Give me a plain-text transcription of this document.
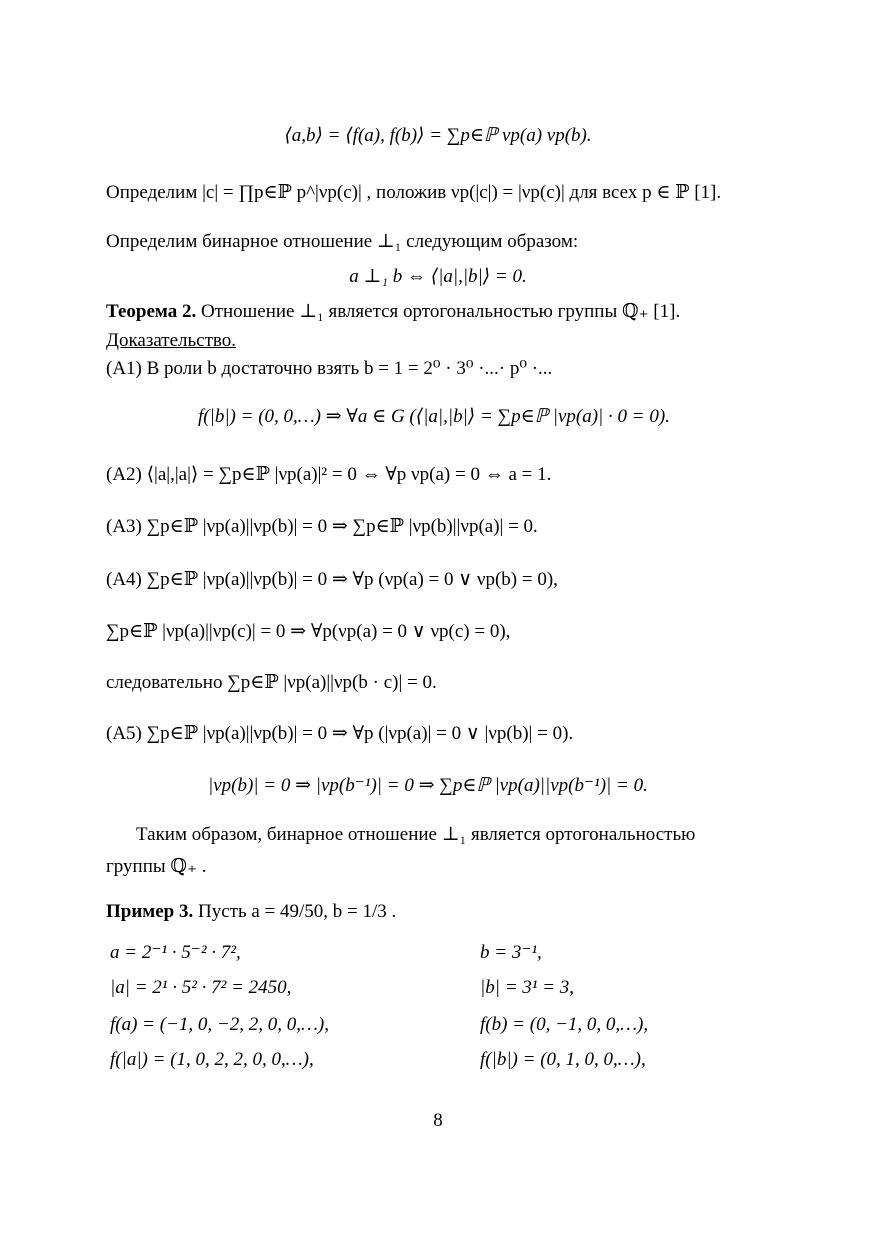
⟨a,b⟩ = ⟨f(a), f(b)⟩ = ∑p∈ℙ νp(a) νp(b).
Определим |c| = ∏p∈ℙ p^|νp(c)| , положив νp(|c|) = |νp(c)| для всех p ∈ ℙ [1].
Определим бинарное отношение ⊥₁ следующим образом:
a ⊥₁ b ⇔ ⟨|a|,|b|⟩ = 0.
Теорема 2. Отношение ⊥₁ является ортогональностью группы ℚ₊ [1].
Доказательство.
(A1) В роли b достаточно взять b = 1 = 2⁰ · 3⁰ ·...· p⁰ ·...
f(|b|) = (0, 0,…) ⇒ ∀a ∈ G (⟨|a|,|b|⟩ = ∑p∈ℙ |νp(a)| · 0 = 0).
(A2) ⟨|a|,|a|⟩ = ∑p∈ℙ |νp(a)|² = 0 ⇔ ∀p νp(a) = 0 ⇔ a = 1.
(A3) ∑p∈ℙ |νp(a)||νp(b)| = 0 ⇒ ∑p∈ℙ |νp(b)||νp(a)| = 0.
(A4) ∑p∈ℙ |νp(a)||νp(b)| = 0 ⇒ ∀p (νp(a) = 0 ∨ νp(b) = 0),
∑p∈ℙ |νp(a)||νp(c)| = 0 ⇒ ∀p(νp(a) = 0 ∨ νp(c) = 0),
следовательно ∑p∈ℙ |νp(a)||νp(b · c)| = 0.
(A5) ∑p∈ℙ |νp(a)||νp(b)| = 0 ⇒ ∀p (|νp(a)| = 0 ∨ |νp(b)| = 0).
|νp(b)| = 0 ⇒ |νp(b⁻¹)| = 0 ⇒ ∑p∈ℙ |νp(a)||νp(b⁻¹)| = 0.
Таким образом, бинарное отношение ⊥₁ является ортогональностью
группы ℚ₊ .
Пример 3. Пусть a = 49/50, b = 1/3 .
a = 2⁻¹ · 5⁻² · 7²,	b = 3⁻¹,
|a| = 2¹ · 5² · 7² = 2450,	|b| = 3¹ = 3,
f(a) = (−1, 0, −2, 2, 0, 0,…),	f(b) = (0, −1, 0, 0,…),
f(|a|) = (1, 0, 2, 2, 0, 0,…),	f(|b|) = (0, 1, 0, 0,…),
8
